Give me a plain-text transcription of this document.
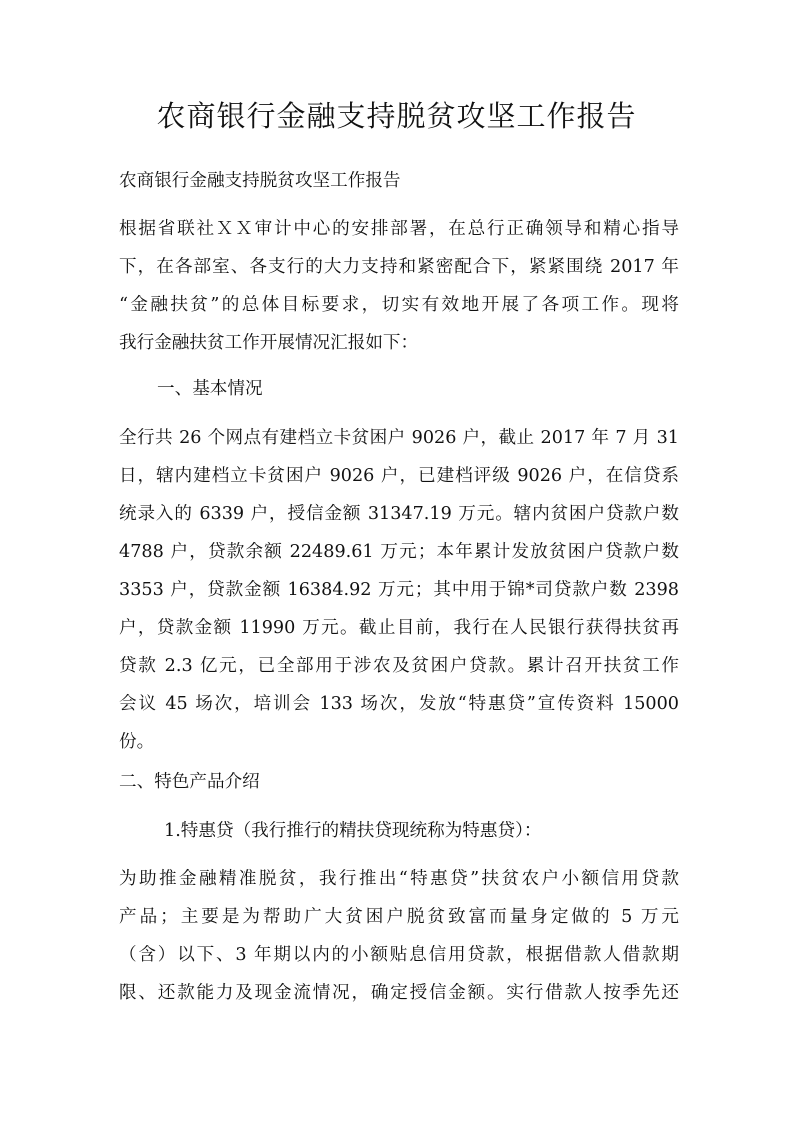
农商银行金融支持脱贫攻坚工作报告
农商银行金融支持脱贫攻坚工作报告
根据省联社ＸＸ审计中心的安排部署，在总行正确领导和精心指导
下，在各部室、各支行的大力支持和紧密配合下，紧紧围绕 2017 年
“金融扶贫”的总体目标要求，切实有效地开展了各项工作。现将
我行金融扶贫工作开展情况汇报如下：
一、基本情况
全行共 26 个网点有建档立卡贫困户 9026 户，截止 2017 年 7 月 31
日，辖内建档立卡贫困户 9026 户，已建档评级 9026 户，在信贷系
统录入的 6339 户，授信金额 31347.19 万元。辖内贫困户贷款户数
4788 户，贷款余额 22489.61 万元；本年累计发放贫困户贷款户数
3353 户，贷款金额 16384.92 万元；其中用于锦*司贷款户数 2398
户，贷款金额 11990 万元。截止目前，我行在人民银行获得扶贫再
贷款 2.3 亿元，已全部用于涉农及贫困户贷款。累计召开扶贫工作
会议 45 场次，培训会 133 场次，发放“特惠贷”宣传资料 15000
份。
二、特色产品介绍
1.特惠贷（我行推行的精扶贷现统称为特惠贷）：
为助推金融精准脱贫，我行推出“特惠贷”扶贫农户小额信用贷款
产品；主要是为帮助广大贫困户脱贫致富而量身定做的 5 万元
（含）以下、3 年期以内的小额贴息信用贷款，根据借款人借款期
限、还款能力及现金流情况，确定授信金额。实行借款人按季先还
